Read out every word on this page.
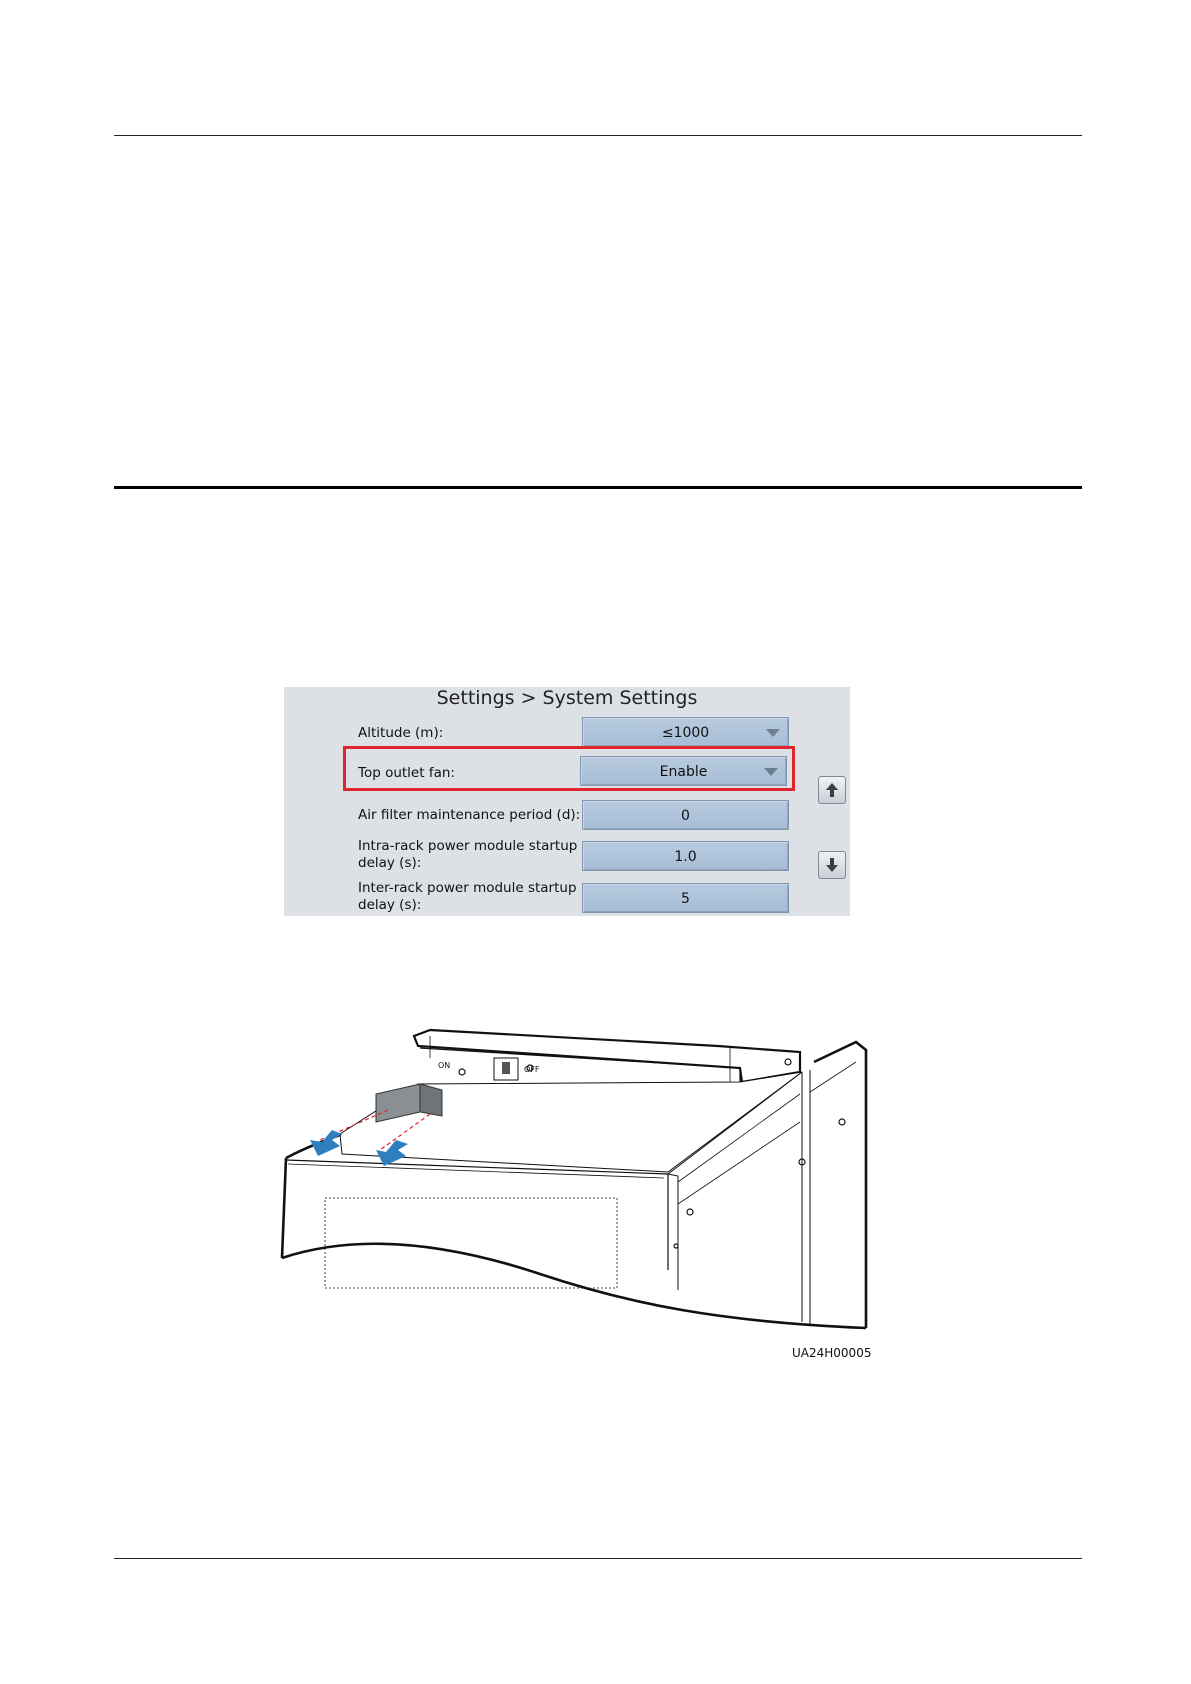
Settings > System Settings
Altitude (m):	≤1000
Top outlet fan:	Enable
Air filter maintenance period (d):	0
Intra-rack power module startup
delay (s):	1.0
Inter-rack power module startup
delay (s):	5
ON	OFF
UA24H00005
